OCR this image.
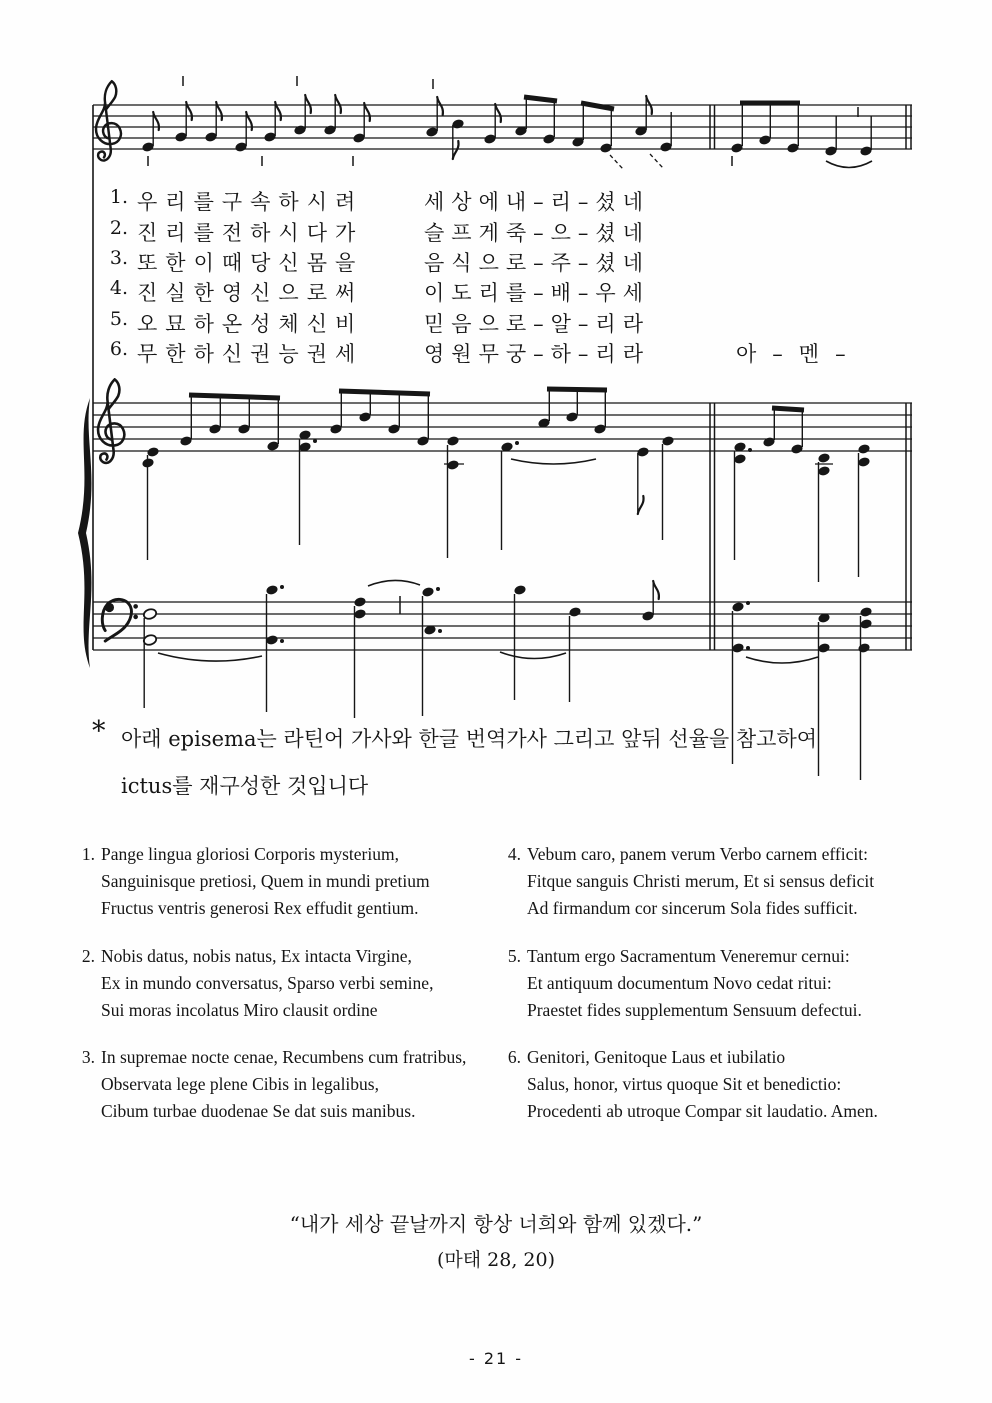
1. 우리를구속하시려	세상에내–리–셨네
2. 진리를전하시다가	슬프게죽–으–셨네
3. 또한이때당신몸을	음식으로–주–셨네
4. 진실한영신으로써	이도리를–배–우세
5. 오묘하온성체신비	믿음으로–알–리라
6. 무한하신권능권세	영원무궁–하–리라	아–멘–
* 아래 episema는 라틴어 가사와 한글 번역가사 그리고 앞뒤 선율을 참고하여
ictus를 재구성한 것입니다
1. Pange lingua gloriosi Corporis mysterium,
Sanguinisque pretiosi, Quem in mundi pretium
Fructus ventris generosi Rex effudit gentium.
2. Nobis datus, nobis natus, Ex intacta Virgine,
Ex in mundo conversatus, Sparso verbi semine,
Sui moras incolatus Miro clausit ordine
3. In supremae nocte cenae, Recumbens cum fratribus,
Observata lege plene Cibis in legalibus,
Cibum turbae duodenae Se dat suis manibus.
4. Vebum caro, panem verum Verbo carnem efficit:
Fitque sanguis Christi merum, Et si sensus deficit
Ad firmandum cor sincerum Sola fides sufficit.
5. Tantum ergo Sacramentum Veneremur cernui:
Et antiquum documentum Novo cedat ritui:
Praestet fides supplementum Sensuum defectui.
6. Genitori, Genitoque Laus et iubilatio
Salus, honor, virtus quoque Sit et benedictio:
Procedenti ab utroque Compar sit laudatio. Amen.
“내가 세상 끝날까지 항상 너희와 함께 있겠다.”
(마태 28, 20)
- 21 -
